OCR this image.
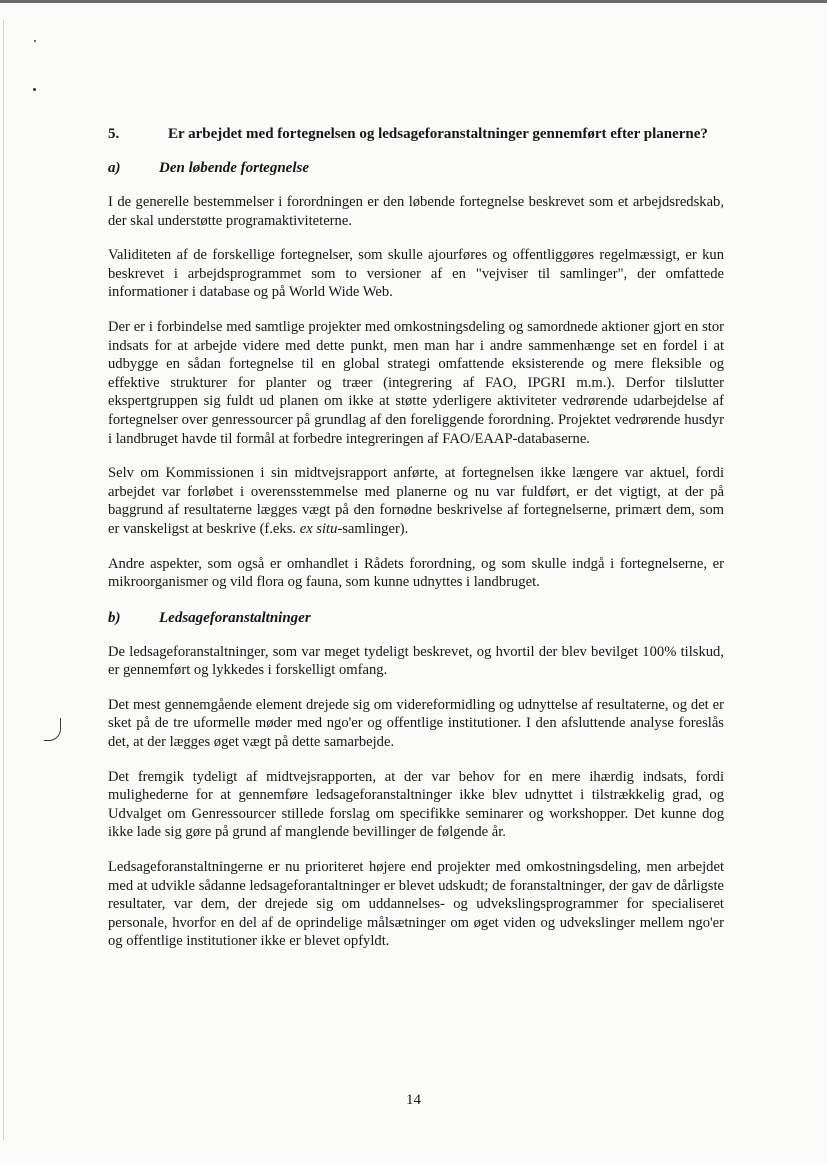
5.	Er arbejdet med fortegnelsen og ledsageforanstaltninger gennemført efter planerne?
a)	Den løbende fortegnelse

I de generelle bestemmelser i forordningen er den løbende fortegnelse beskrevet som et arbejdsredskab, der skal understøtte programaktiviteterne.

Validiteten af de forskellige fortegnelser, som skulle ajourføres og offentliggøres regelmæssigt, er kun beskrevet i arbejdsprogrammet som to versioner af en "vejviser til samlinger", der omfattede informationer i database og på World Wide Web.

Der er i forbindelse med samtlige projekter med omkostningsdeling og samordnede aktioner gjort en stor indsats for at arbejde videre med dette punkt, men man har i andre sammenhænge set en fordel i at udbygge en sådan fortegnelse til en global strategi omfattende eksisterende og mere fleksible og effektive strukturer for planter og træer (integrering af FAO, IPGRI m.m.). Derfor tilslutter ekspertgruppen sig fuldt ud planen om ikke at støtte yderligere aktiviteter vedrørende udarbejdelse af fortegnelser over genressourcer på grundlag af den foreliggende forordning. Projektet vedrørende husdyr i landbruget havde til formål at forbedre integreringen af FAO/EAAP-databaserne.

Selv om Kommissionen i sin midtvejsrapport anførte, at fortegnelsen ikke længere var aktuel, fordi arbejdet var forløbet i overensstemmelse med planerne og nu var fuldført, er det vigtigt, at der på baggrund af resultaterne lægges vægt på den fornødne beskrivelse af fortegnelserne, primært dem, som er vanskeligst at beskrive (f.eks. ex situ-samlinger).

Andre aspekter, som også er omhandlet i Rådets forordning, og som skulle indgå i fortegnelserne, er mikroorganismer og vild flora og fauna, som kunne udnyttes i landbruget.

b)	Ledsageforanstaltninger

De ledsageforanstaltninger, som var meget tydeligt beskrevet, og hvortil der blev bevilget 100% tilskud, er gennemført og lykkedes i forskelligt omfang.

Det mest gennemgående element drejede sig om videreformidling og udnyttelse af resultaterne, og det er sket på de tre uformelle møder med ngo'er og offentlige institutioner. I den afsluttende analyse foreslås det, at der lægges øget vægt på dette samarbejde.

Det fremgik tydeligt af midtvejsrapporten, at der var behov for en mere ihærdig indsats, fordi mulighederne for at gennemføre ledsageforanstaltninger ikke blev udnyttet i tilstrækkelig grad, og Udvalget om Genressourcer stillede forslag om specifikke seminarer og workshopper. Det kunne dog ikke lade sig gøre på grund af manglende bevillinger de følgende år.

Ledsageforanstaltningerne er nu prioriteret højere end projekter med omkostningsdeling, men arbejdet med at udvikle sådanne ledsageforantaltninger er blevet udskudt; de foranstaltninger, der gav de dårligste resultater, var dem, der drejede sig om uddannelses- og udvekslingsprogrammer for specialiseret personale, hvorfor en del af de oprindelige målsætninger om øget viden og udvekslinger mellem ngo'er og offentlige institutioner ikke er blevet opfyldt.

14
